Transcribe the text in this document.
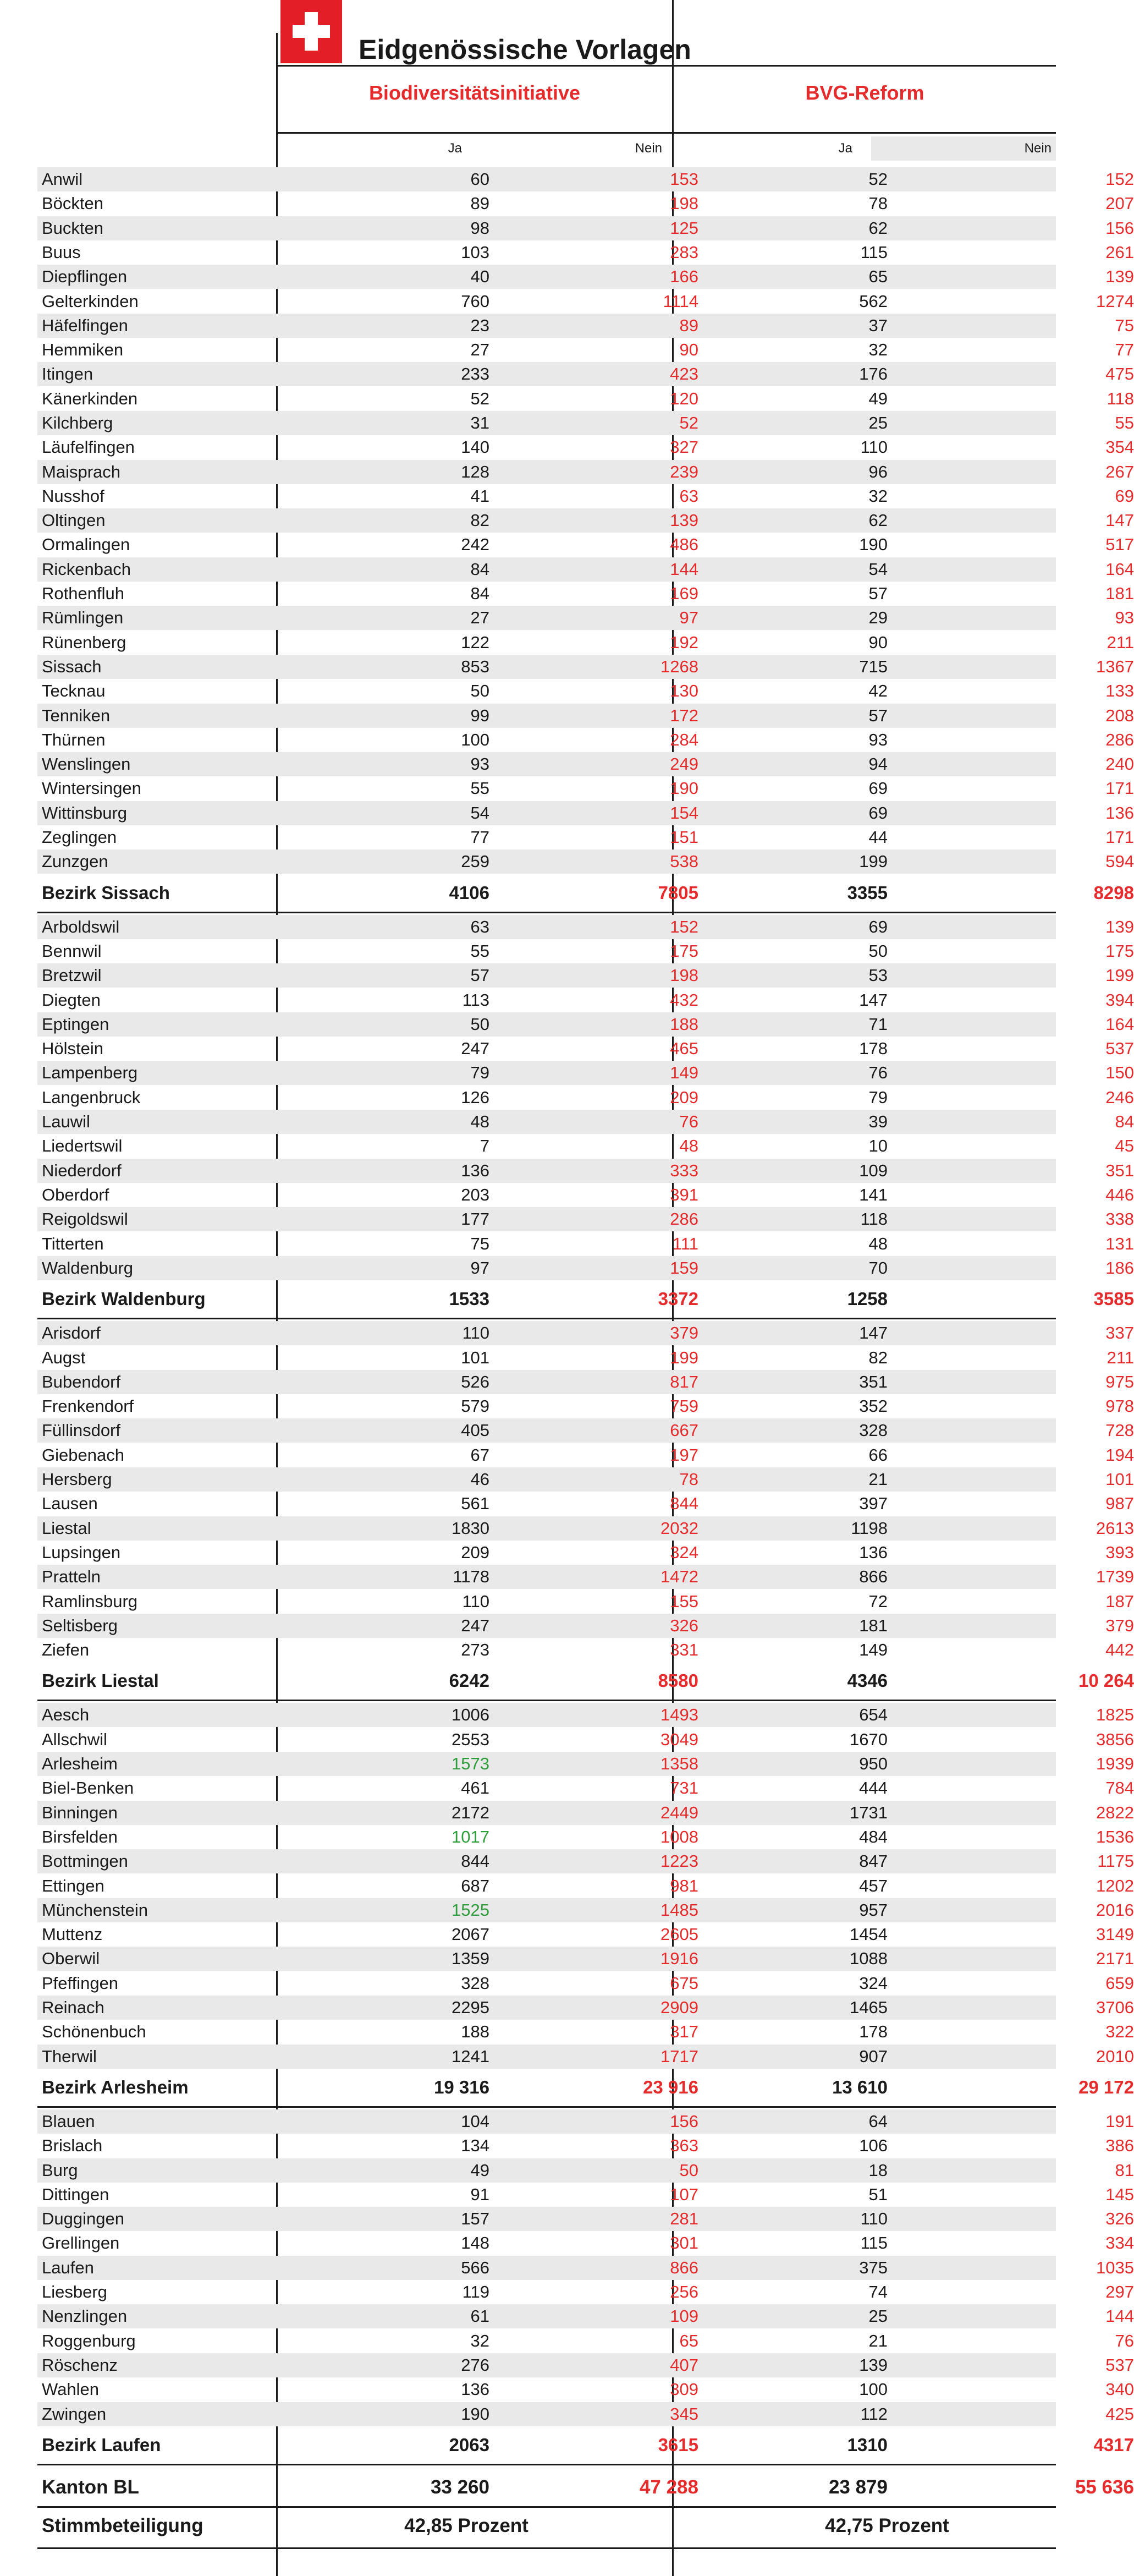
Eidgenössische Vorlagen
Biodiversitätsinitiative	BVG-Reform
Ja	Nein	Ja	Nein
Anwil	60	153	52	152
Böckten	89	198	78	207
Buckten	98	125	62	156
Buus	103	283	115	261
Diepflingen	40	166	65	139
Gelterkinden	760	1114	562	1274
Häfelfingen	23	89	37	75
Hemmiken	27	90	32	77
Itingen	233	423	176	475
Känerkinden	52	120	49	118
Kilchberg	31	52	25	55
Läufelfingen	140	327	110	354
Maisprach	128	239	96	267
Nusshof	41	63	32	69
Oltingen	82	139	62	147
Ormalingen	242	486	190	517
Rickenbach	84	144	54	164
Rothenfluh	84	169	57	181
Rümlingen	27	97	29	93
Rünenberg	122	192	90	211
Sissach	853	1268	715	1367
Tecknau	50	130	42	133
Tenniken	99	172	57	208
Thürnen	100	284	93	286
Wenslingen	93	249	94	240
Wintersingen	55	190	69	171
Wittinsburg	54	154	69	136
Zeglingen	77	151	44	171
Zunzgen	259	538	199	594
Bezirk Sissach	4106	7805	3355	8298
Arboldswil	63	152	69	139
Bennwil	55	175	50	175
Bretzwil	57	198	53	199
Diegten	113	432	147	394
Eptingen	50	188	71	164
Hölstein	247	465	178	537
Lampenberg	79	149	76	150
Langenbruck	126	209	79	246
Lauwil	48	76	39	84
Liedertswil	7	48	10	45
Niederdorf	136	333	109	351
Oberdorf	203	391	141	446
Reigoldswil	177	286	118	338
Titterten	75	111	48	131
Waldenburg	97	159	70	186
Bezirk Waldenburg	1533	3372	1258	3585
Arisdorf	110	379	147	337
Augst	101	199	82	211
Bubendorf	526	817	351	975
Frenkendorf	579	759	352	978
Füllinsdorf	405	667	328	728
Giebenach	67	197	66	194
Hersberg	46	78	21	101
Lausen	561	844	397	987
Liestal	1830	2032	1198	2613
Lupsingen	209	324	136	393
Pratteln	1178	1472	866	1739
Ramlinsburg	110	155	72	187
Seltisberg	247	326	181	379
Ziefen	273	331	149	442
Bezirk Liestal	6242	8580	4346	10 264
Aesch	1006	1493	654	1825
Allschwil	2553	3049	1670	3856
Arlesheim	1573	1358	950	1939
Biel-Benken	461	731	444	784
Binningen	2172	2449	1731	2822
Birsfelden	1017	1008	484	1536
Bottmingen	844	1223	847	1175
Ettingen	687	981	457	1202
Münchenstein	1525	1485	957	2016
Muttenz	2067	2605	1454	3149
Oberwil	1359	1916	1088	2171
Pfeffingen	328	675	324	659
Reinach	2295	2909	1465	3706
Schönenbuch	188	317	178	322
Therwil	1241	1717	907	2010
Bezirk Arlesheim	19 316	23 916	13 610	29 172
Blauen	104	156	64	191
Brislach	134	363	106	386
Burg	49	50	18	81
Dittingen	91	107	51	145
Duggingen	157	281	110	326
Grellingen	148	301	115	334
Laufen	566	866	375	1035
Liesberg	119	256	74	297
Nenzlingen	61	109	25	144
Roggenburg	32	65	21	76
Röschenz	276	407	139	537
Wahlen	136	309	100	340
Zwingen	190	345	112	425
Bezirk Laufen	2063	3615	1310	4317
Kanton BL	33 260	47 288	23 879	55 636
Stimmbeteiligung	42,85 Prozent	42,75 Prozent
